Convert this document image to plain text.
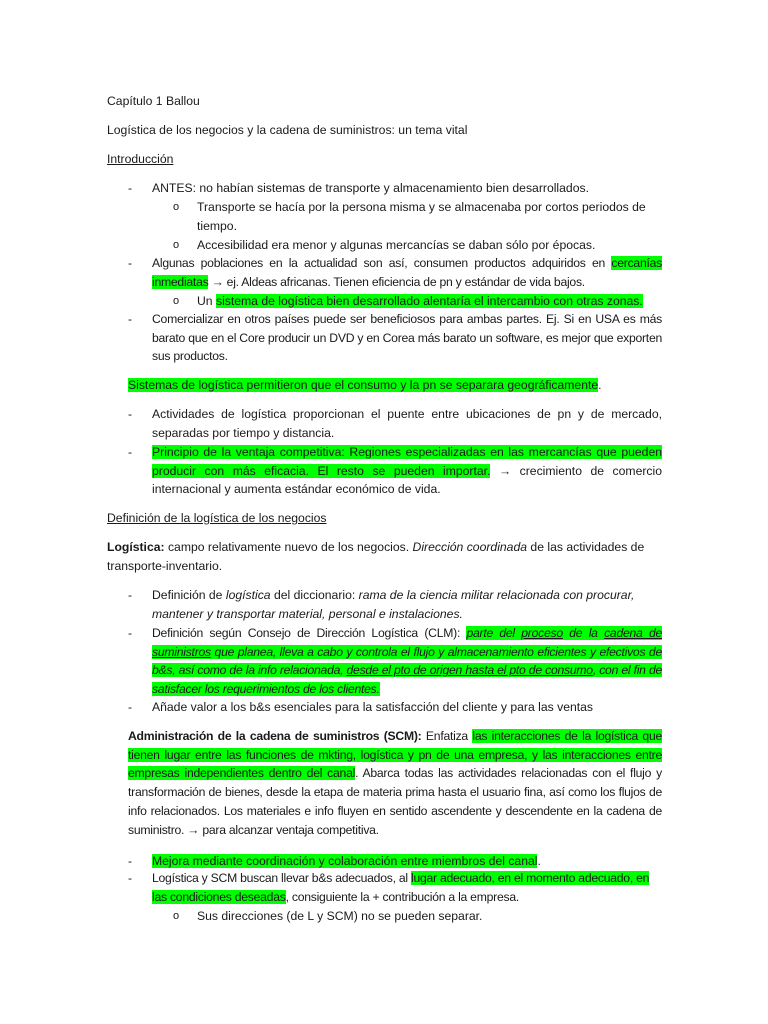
Capítulo 1 Ballou

Logística de los negocios y la cadena de suministros: un tema vital

Introducción

- ANTES: no habían sistemas de transporte y almacenamiento bien desarrollados.

o Transporte se hacía por la persona misma y se almacenaba por cortos periodos de tiempo.

o Accesibilidad era menor y algunas mercancías se daban sólo por épocas.

- Algunas poblaciones en la actualidad son así, consumen productos adquiridos en cercanías inmediatas → ej. Aldeas africanas. Tienen eficiencia de pn y estándar de vida bajos.

o Un sistema de logística bien desarrollado alentaría el intercambio con otras zonas.

- Comercializar en otros países puede ser beneficiosos para ambas partes. Ej. Si en USA es más barato que en el Core producir un DVD y en Corea más barato un software, es mejor que exporten sus productos.

Sistemas de logística permitieron que el consumo y la pn se separara geográficamente.

- Actividades de logística proporcionan el puente entre ubicaciones de pn y de mercado, separadas por tiempo y distancia.

- Principio de la ventaja competitiva: Regiones especializadas en las mercancías que pueden producir con más eficacia. El resto se pueden importar. → crecimiento de comercio internacional y aumenta estándar económico de vida.

Definición de la logística de los negocios

Logística: campo relativamente nuevo de los negocios. Dirección coordinada de las actividades de transporte-inventario.

- Definición de logística del diccionario: rama de la ciencia militar relacionada con procurar, mantener y transportar material, personal e instalaciones.

- Definición según Consejo de Dirección Logística (CLM): parte del proceso de la cadena de suministros que planea, lleva a cabo y controla el flujo y almacenamiento eficientes y efectivos de b&s, así como de la info relacionada, desde el pto de origen hasta el pto de consumo, con el fin de satisfacer los requerimientos de los clientes.

- Añade valor a los b&s esenciales para la satisfacción del cliente y para las ventas

Administración de la cadena de suministros (SCM): Enfatiza las interacciones de la logística que tienen lugar entre las funciones de mkting, logística y pn de una empresa, y las interacciones entre empresas independientes dentro del canal. Abarca todas las actividades relacionadas con el flujo y transformación de bienes, desde la etapa de materia prima hasta el usuario fina, así como los flujos de info relacionados. Los materiales e info fluyen en sentido ascendente y descendente en la cadena de suministro. → para alcanzar ventaja competitiva.

- Mejora mediante coordinación y colaboración entre miembros del canal.

- Logística y SCM buscan llevar b&s adecuados, al lugar adecuado, en el momento adecuado, en las condiciones deseadas, consiguiente la + contribución a la empresa.

o Sus direcciones (de L y SCM) no se pueden separar.
